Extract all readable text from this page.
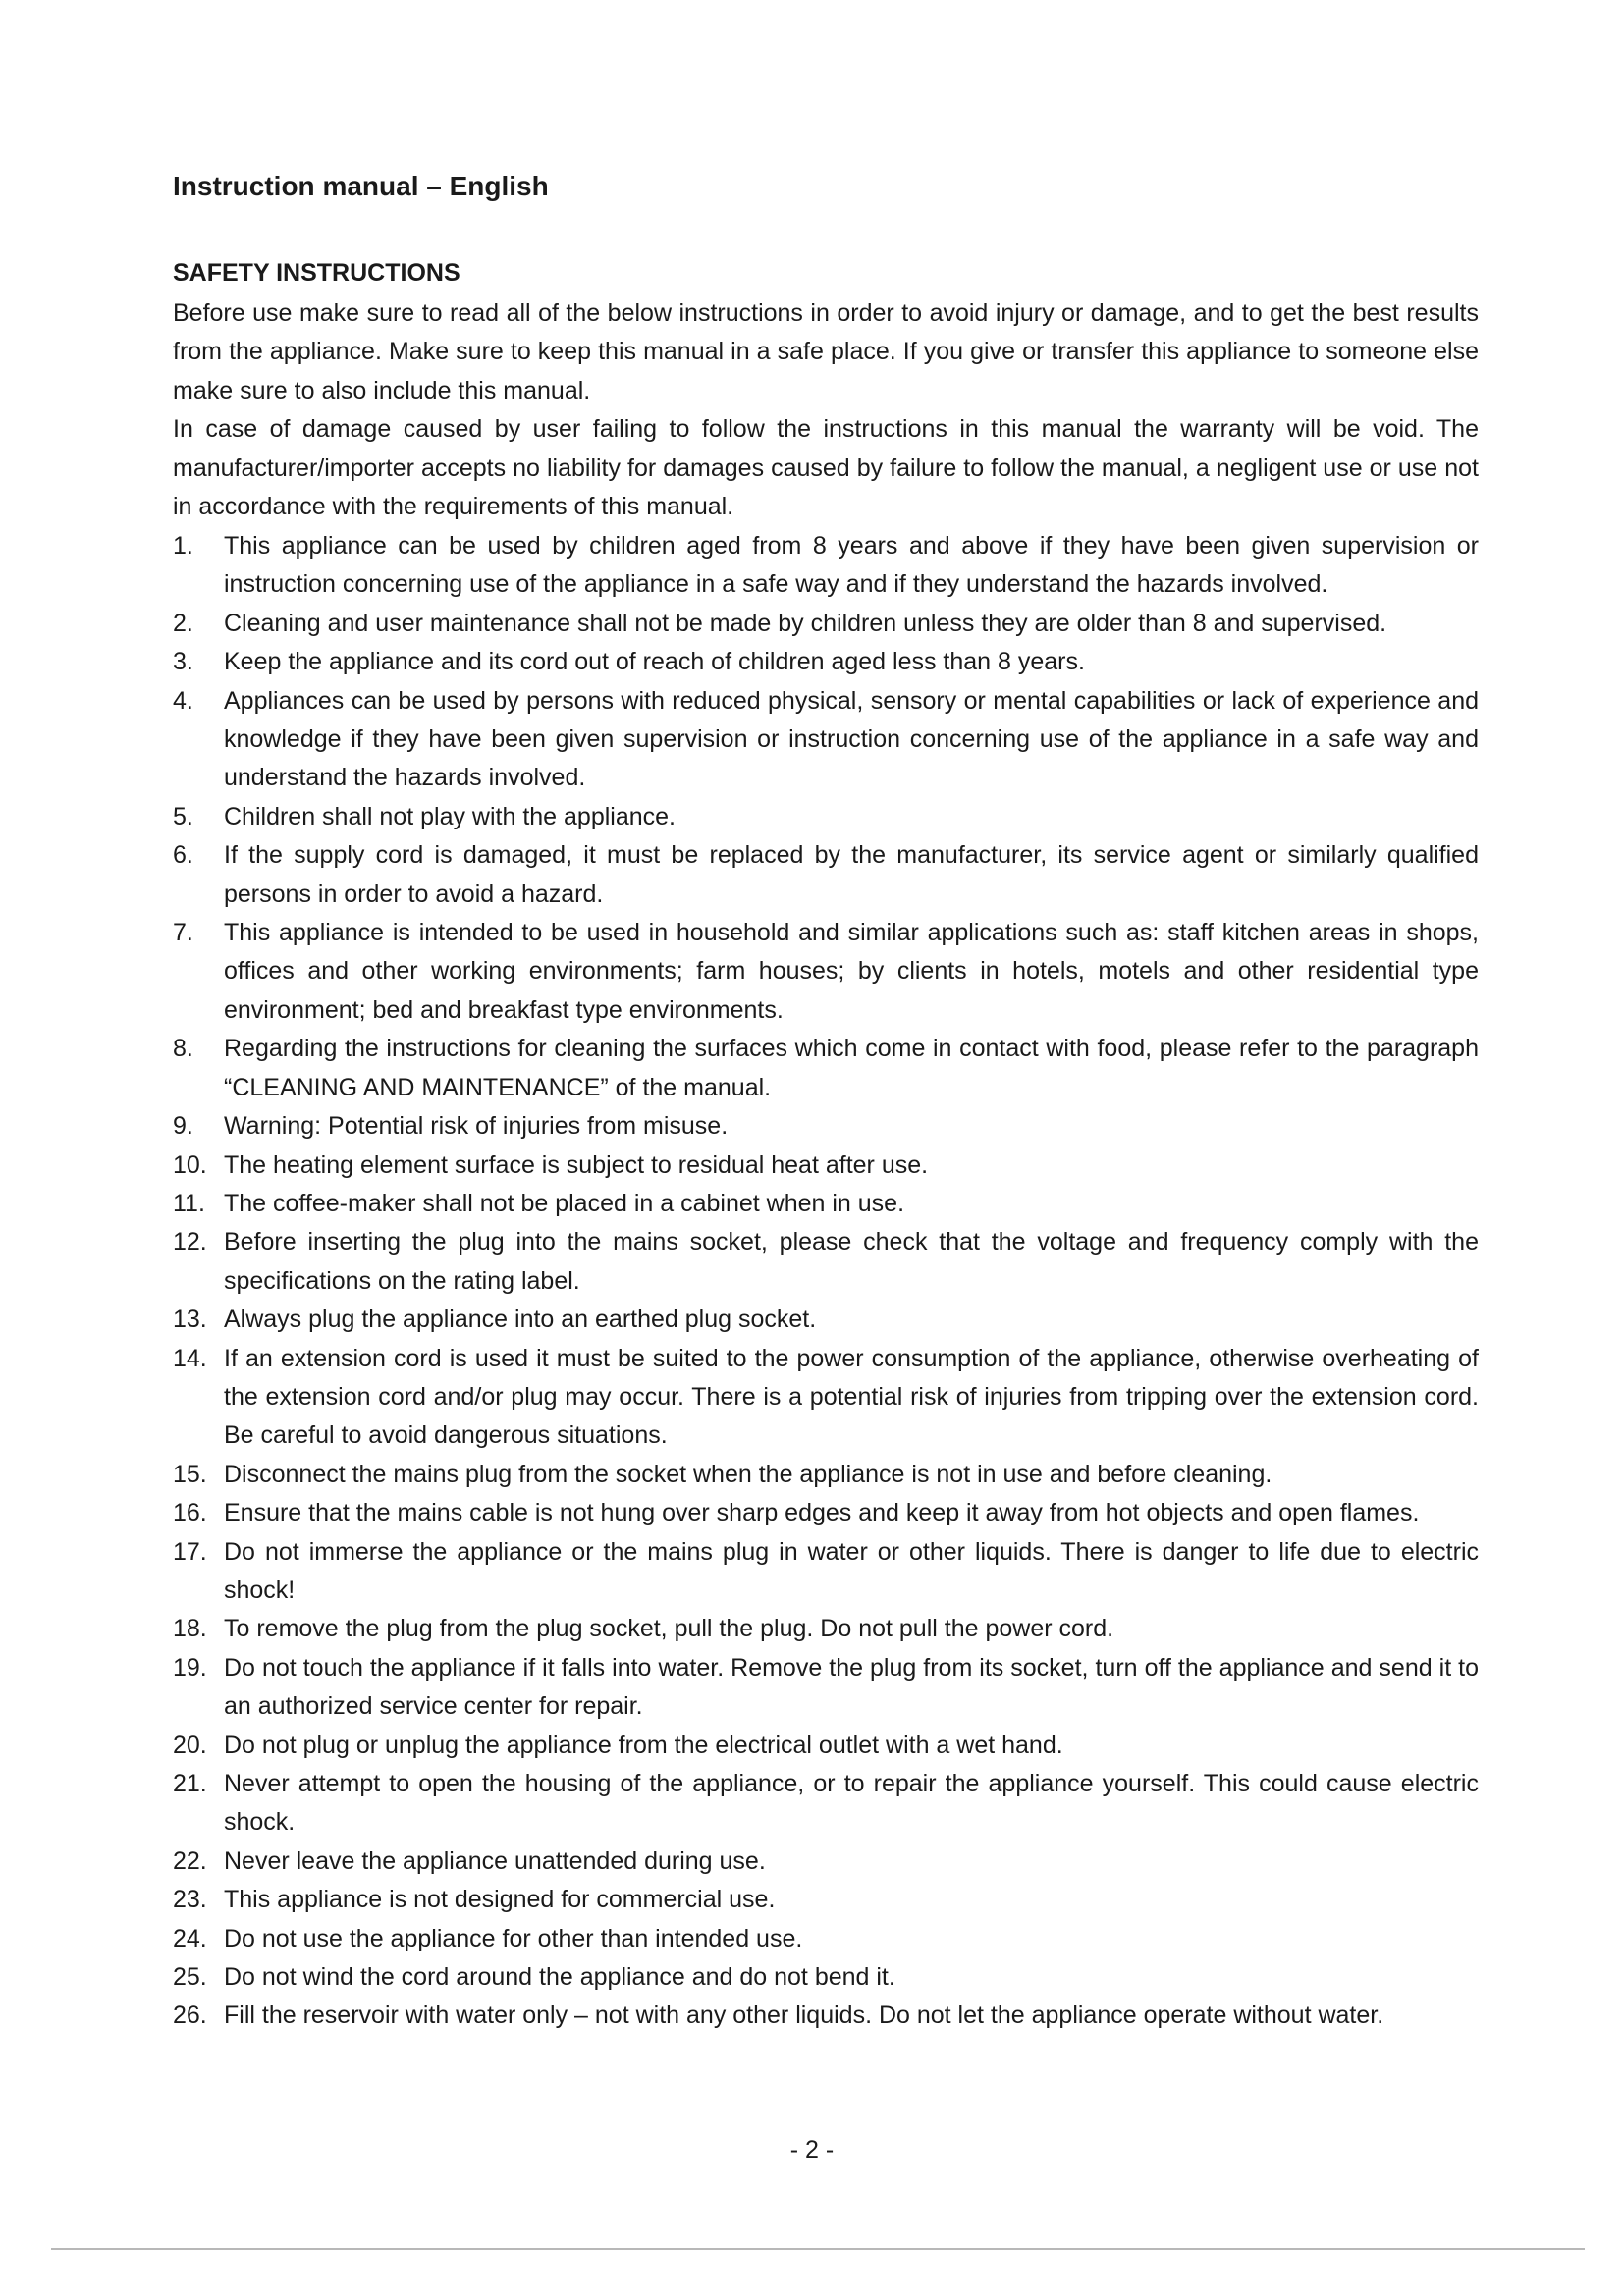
Instruction manual – English
SAFETY INSTRUCTIONS

Before use make sure to read all of the below instructions in order to avoid injury or damage, and to get the best results from the appliance. Make sure to keep this manual in a safe place. If you give or transfer this appliance to someone else make sure to also include this manual.

In case of damage caused by user failing to follow the instructions in this manual the warranty will be void. The manufacturer/importer accepts no liability for damages caused by failure to follow the manual, a negligent use or use not in accordance with the requirements of this manual.

1. This appliance can be used by children aged from 8 years and above if they have been given supervision or instruction concerning use of the appliance in a safe way and if they understand the hazards involved.
2. Cleaning and user maintenance shall not be made by children unless they are older than 8 and supervised.
3. Keep the appliance and its cord out of reach of children aged less than 8 years.
4. Appliances can be used by persons with reduced physical, sensory or mental capabilities or lack of experience and knowledge if they have been given supervision or instruction concerning use of the appliance in a safe way and understand the hazards involved.
5. Children shall not play with the appliance.
6. If the supply cord is damaged, it must be replaced by the manufacturer, its service agent or similarly qualified persons in order to avoid a hazard.
7. This appliance is intended to be used in household and similar applications such as: staff kitchen areas in shops, offices and other working environments; farm houses; by clients in hotels, motels and other residential type environment; bed and breakfast type environments.
8. Regarding the instructions for cleaning the surfaces which come in contact with food, please refer to the paragraph “CLEANING AND MAINTENANCE” of the manual.
9. Warning: Potential risk of injuries from misuse.
10. The heating element surface is subject to residual heat after use.
11. The coffee-maker shall not be placed in a cabinet when in use.
12. Before inserting the plug into the mains socket, please check that the voltage and frequency comply with the specifications on the rating label.
13. Always plug the appliance into an earthed plug socket.
14. If an extension cord is used it must be suited to the power consumption of the appliance, otherwise overheating of the extension cord and/or plug may occur. There is a potential risk of injuries from tripping over the extension cord. Be careful to avoid dangerous situations.
15. Disconnect the mains plug from the socket when the appliance is not in use and before cleaning.
16. Ensure that the mains cable is not hung over sharp edges and keep it away from hot objects and open flames.
17. Do not immerse the appliance or the mains plug in water or other liquids. There is danger to life due to electric shock!
18. To remove the plug from the plug socket, pull the plug. Do not pull the power cord.
19. Do not touch the appliance if it falls into water. Remove the plug from its socket, turn off the appliance and send it to an authorized service center for repair.
20. Do not plug or unplug the appliance from the electrical outlet with a wet hand.
21. Never attempt to open the housing of the appliance, or to repair the appliance yourself. This could cause electric shock.
22. Never leave the appliance unattended during use.
23. This appliance is not designed for commercial use.
24. Do not use the appliance for other than intended use.
25. Do not wind the cord around the appliance and do not bend it.
26. Fill the reservoir with water only – not with any other liquids. Do not let the appliance operate without water.
- 2 -
